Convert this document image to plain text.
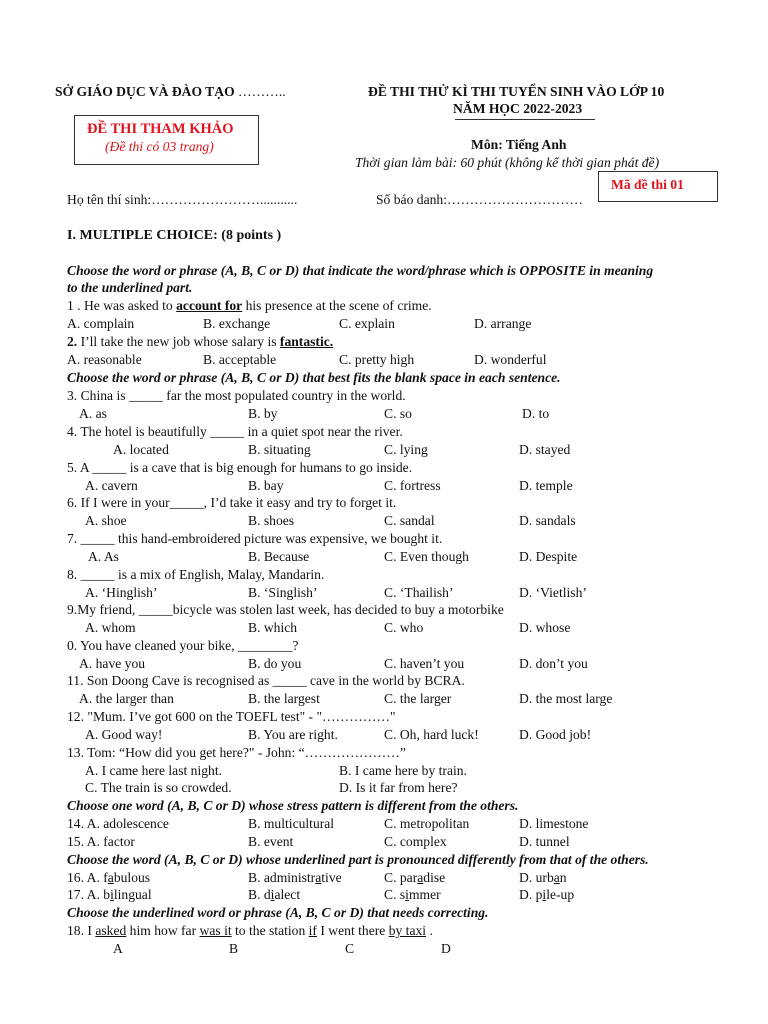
SỞ GIÁO DỤC VÀ ĐÀO TẠO ………..	ĐỀ THI THỬ KÌ THI TUYỂN SINH VÀO LỚP 10
NĂM HỌC 2022-2023
ĐỀ THI THAM KHẢO
(Đề thi có 03 trang)	Môn: Tiếng Anh
Thời gian làm bài: 60 phút (không kể thời gian phát đề)
Mã đề thi 01
Họ tên thí sinh:……………………...........	Số báo danh:…………………………
I. MULTIPLE CHOICE: (8 points )
Choose the word or phrase (A, B, C or D) that indicate the word/phrase which is OPPOSITE in meaning
to the underlined part.
1 . He was asked to account for his presence at the scene of crime.
A. complain	B. exchange	C. explain	D. arrange
2. I’ll take the new job whose salary is fantastic.
A. reasonable	B. acceptable	C. pretty high	D. wonderful
Choose the word or phrase (A, B, C or D) that best fits the blank space in each sentence.
3. China is _____ far the most populated country in the world.
A. as	B. by	C. so	D. to
4. The hotel is beautifully _____ in a quiet spot near the river.
A. located	B. situating	C. lying	D. stayed
5. A _____ is a cave that is big enough for humans to go inside.
A. cavern	B. bay	C. fortress	D. temple
6. If I were in your_____, I’d take it easy and try to forget it.
A. shoe	B. shoes	C. sandal	D. sandals
7. _____ this hand-embroidered picture was expensive, we bought it.
A. As	B. Because	C. Even though	D. Despite
8. _____ is a mix of English, Malay, Mandarin.
A. ‘Hinglish’	B. ‘Singlish’	C. ‘Thailish’	D. ‘Vietlish’
9.My friend, _____bicycle was stolen last week, has decided to buy a motorbike
A. whom	B. which	C. who	D. whose
0. You have cleaned your bike, ________?
A. have you	B. do you	C. haven’t you	D. don’t you
11. Son Doong Cave is recognised as _____ cave in the world by BCRA.
A. the larger than	B. the largest	C. the larger	D. the most large
12. "Mum. I’ve got 600 on the TOEFL test" - "……………"
A. Good way!	B. You are right.	C. Oh, hard luck!	D. Good job!
13. Tom: “How did you get here?" - John: “…………………”
A. I came here last night.	B. I came here by train.
C. The train is so crowded.	D. Is it far from here?
Choose one word (A, B, C or D) whose stress pattern is different from the others.
14. A. adolescence	B. multicultural	C. metropolitan	D. limestone
15. A. factor	B. event	C. complex	D. tunnel
Choose the word (A, B, C or D) whose underlined part is pronounced differently from that of the others.
16. A. fabulous	B. administrative	C. paradise	D. urban
17. A. bilingual	B. dialect	C. simmer	D. pile-up
Choose the underlined word or phrase (A, B, C or D) that needs correcting.
18. I asked him how far was it to the station if I went there by taxi .
A	B	C	D
